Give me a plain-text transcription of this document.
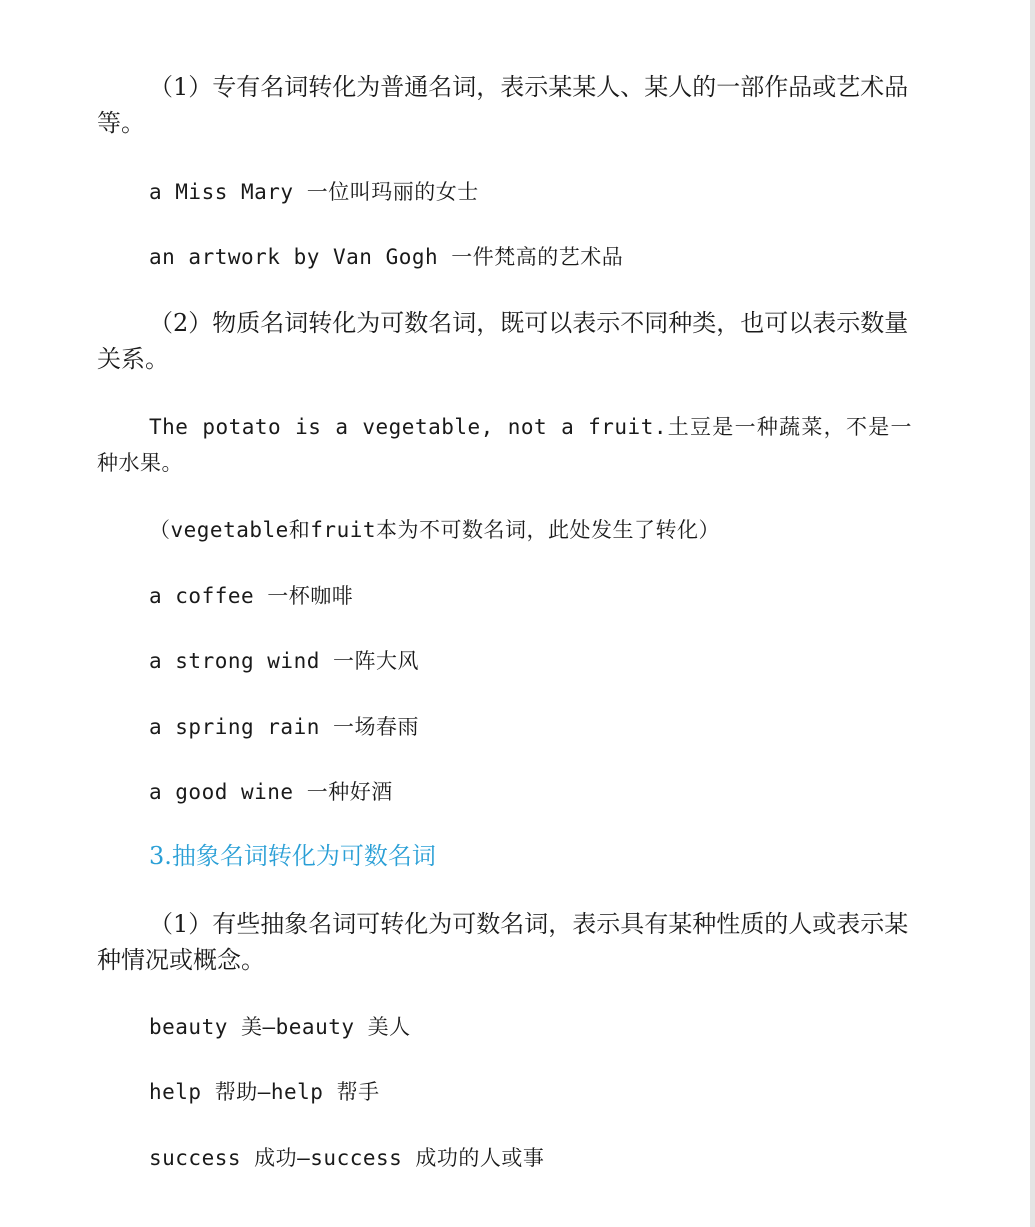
（1）专有名词转化为普通名词，表示某某人、某人的一部作品或艺术品等。

a Miss Mary 一位叫玛丽的女士

an artwork by Van Gogh 一件梵高的艺术品

（2）物质名词转化为可数名词，既可以表示不同种类，也可以表示数量关系。

The potato is a vegetable, not a fruit.土豆是一种蔬菜，不是一种水果。

（vegetable和fruit本为不可数名词，此处发生了转化）

a coffee 一杯咖啡

a strong wind 一阵大风

a spring rain 一场春雨

a good wine 一种好酒

3.抽象名词转化为可数名词

（1）有些抽象名词可转化为可数名词，表示具有某种性质的人或表示某种情况或概念。

beauty 美—beauty 美人

help 帮助—help 帮手

success 成功—success 成功的人或事
